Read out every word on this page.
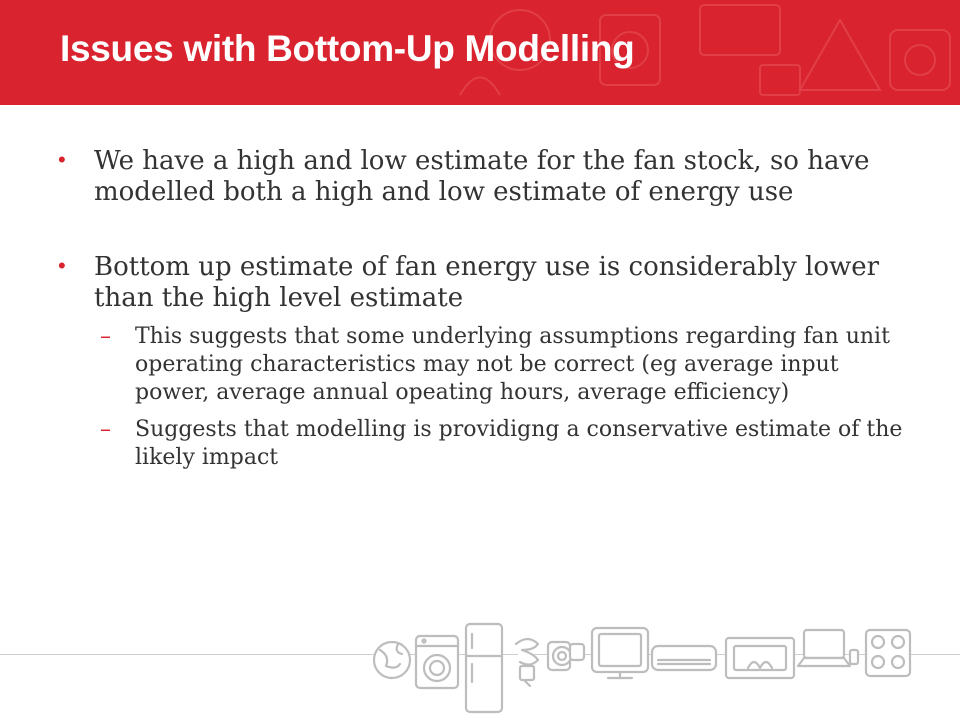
Issues with Bottom-Up Modelling
•	We have a high and low estimate for the fan stock, so have modelled both a high and low estimate of energy use
•	Bottom up estimate of fan energy use is considerably lower than the high level estimate
–	This suggests that some underlying assumptions regarding fan unit operating characteristics may not be correct (eg average input power, average annual opeating hours, average efficiency)
–	Suggests that modelling is providigng a conservative estimate of the likely impact
